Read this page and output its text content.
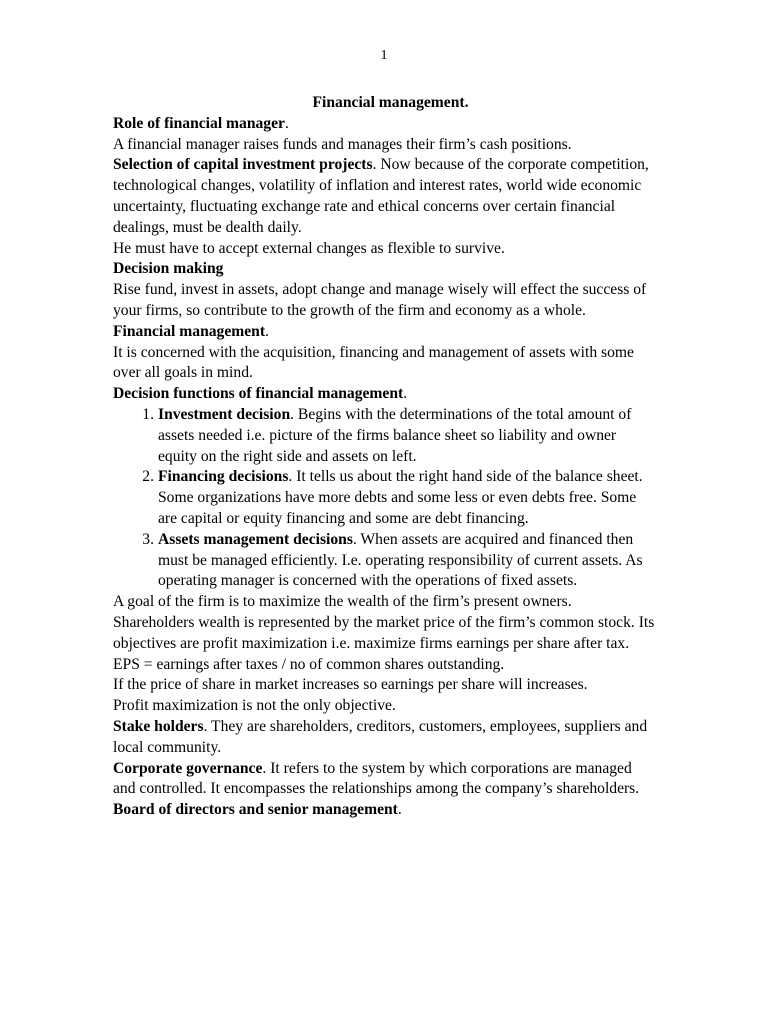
1

Financial management.

Role of financial manager.

A financial manager raises funds and manages their firm’s cash positions.

Selection of capital investment projects. Now because of the corporate competition, technological changes, volatility of inflation and interest rates, world wide economic uncertainty, fluctuating exchange rate and ethical concerns over certain financial dealings, must be dealth daily.

He must have to accept external changes as flexible to survive.

Decision making

Rise fund, invest in assets, adopt change and manage wisely will effect the success of your firms, so contribute to the growth of the firm and economy as a whole.

Financial management.

It is concerned with the acquisition, financing and management of assets with some over all goals in mind.

Decision functions of financial management.

1. Investment decision. Begins with the determinations of the total amount of assets needed i.e. picture of the firms balance sheet so liability and owner equity on the right side and assets on left.
2. Financing decisions. It tells us about the right hand side of the balance sheet. Some organizations have more debts and some less or even debts free. Some are capital or equity financing and some are debt financing.
3. Assets management decisions. When assets are acquired and financed then must be managed efficiently. I.e. operating responsibility of current assets. As operating manager is concerned with the operations of fixed assets.

A goal of the firm is to maximize the wealth of the firm’s present owners.

Shareholders wealth is represented by the market price of the firm’s common stock. Its objectives are profit maximization i.e. maximize firms earnings per share after tax.

EPS = earnings after taxes / no of common shares outstanding.

If the price of share in market increases so earnings per share will increases.

Profit maximization is not the only objective.

Stake holders. They are shareholders, creditors, customers, employees, suppliers and local community.

Corporate governance. It refers to the system by which corporations are managed and controlled. It encompasses the relationships among the company’s shareholders.

Board of directors and senior management.
